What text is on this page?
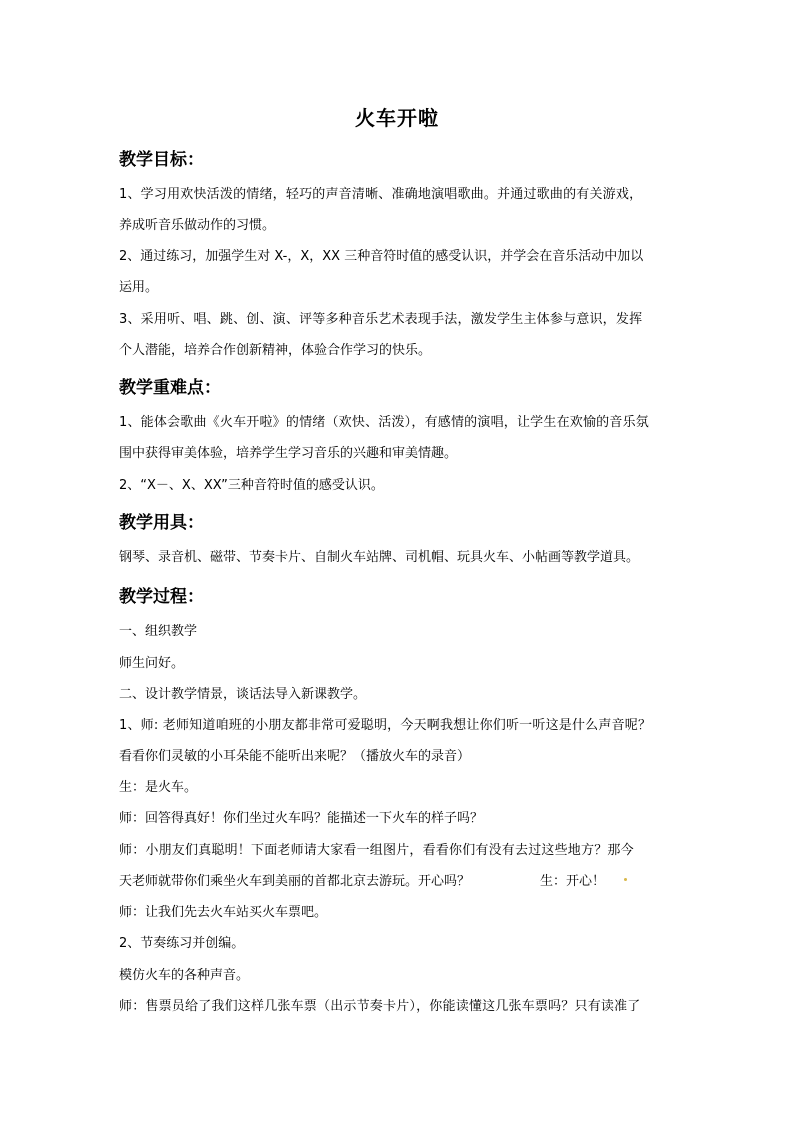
火车开啦
教学目标：
1、学习用欢快活泼的情绪，轻巧的声音清晰、准确地演唱歌曲。并通过歌曲的有关游戏，
养成听音乐做动作的习惯。
2、通过练习，加强学生对 X-，X，XX 三种音符时值的感受认识，并学会在音乐活动中加以
运用。
3、采用听、唱、跳、创、演、评等多种音乐艺术表现手法，激发学生主体参与意识，发挥
个人潜能，培养合作创新精神，体验合作学习的快乐。
教学重难点：
1、能体会歌曲《火车开啦》的情绪（欢快、活泼），有感情的演唱，让学生在欢愉的音乐氛
围中获得审美体验，培养学生学习音乐的兴趣和审美情趣。
2、“X－、X、XX”三种音符时值的感受认识。
教学用具：
钢琴、录音机、磁带、节奏卡片、自制火车站牌、司机帽、玩具火车、小帖画等教学道具。
教学过程：
一、组织教学
师生问好。
二、设计教学情景，谈话法导入新课教学。
1、师: 老师知道咱班的小朋友都非常可爱聪明，今天啊我想让你们听一听这是什么声音呢？
看看你们灵敏的小耳朵能不能听出来呢？（播放火车的录音）
生：是火车。
师：回答得真好！你们坐过火车吗？能描述一下火车的样子吗？
师：小朋友们真聪明！下面老师请大家看一组图片，看看你们有没有去过这些地方？那今
天老师就带你们乘坐火车到美丽的首都北京去游玩。开心吗？	生：开心！
师：让我们先去火车站买火车票吧。
2、节奏练习并创编。
模仿火车的各种声音。
师：售票员给了我们这样几张车票（出示节奏卡片），你能读懂这几张车票吗？只有读准了
